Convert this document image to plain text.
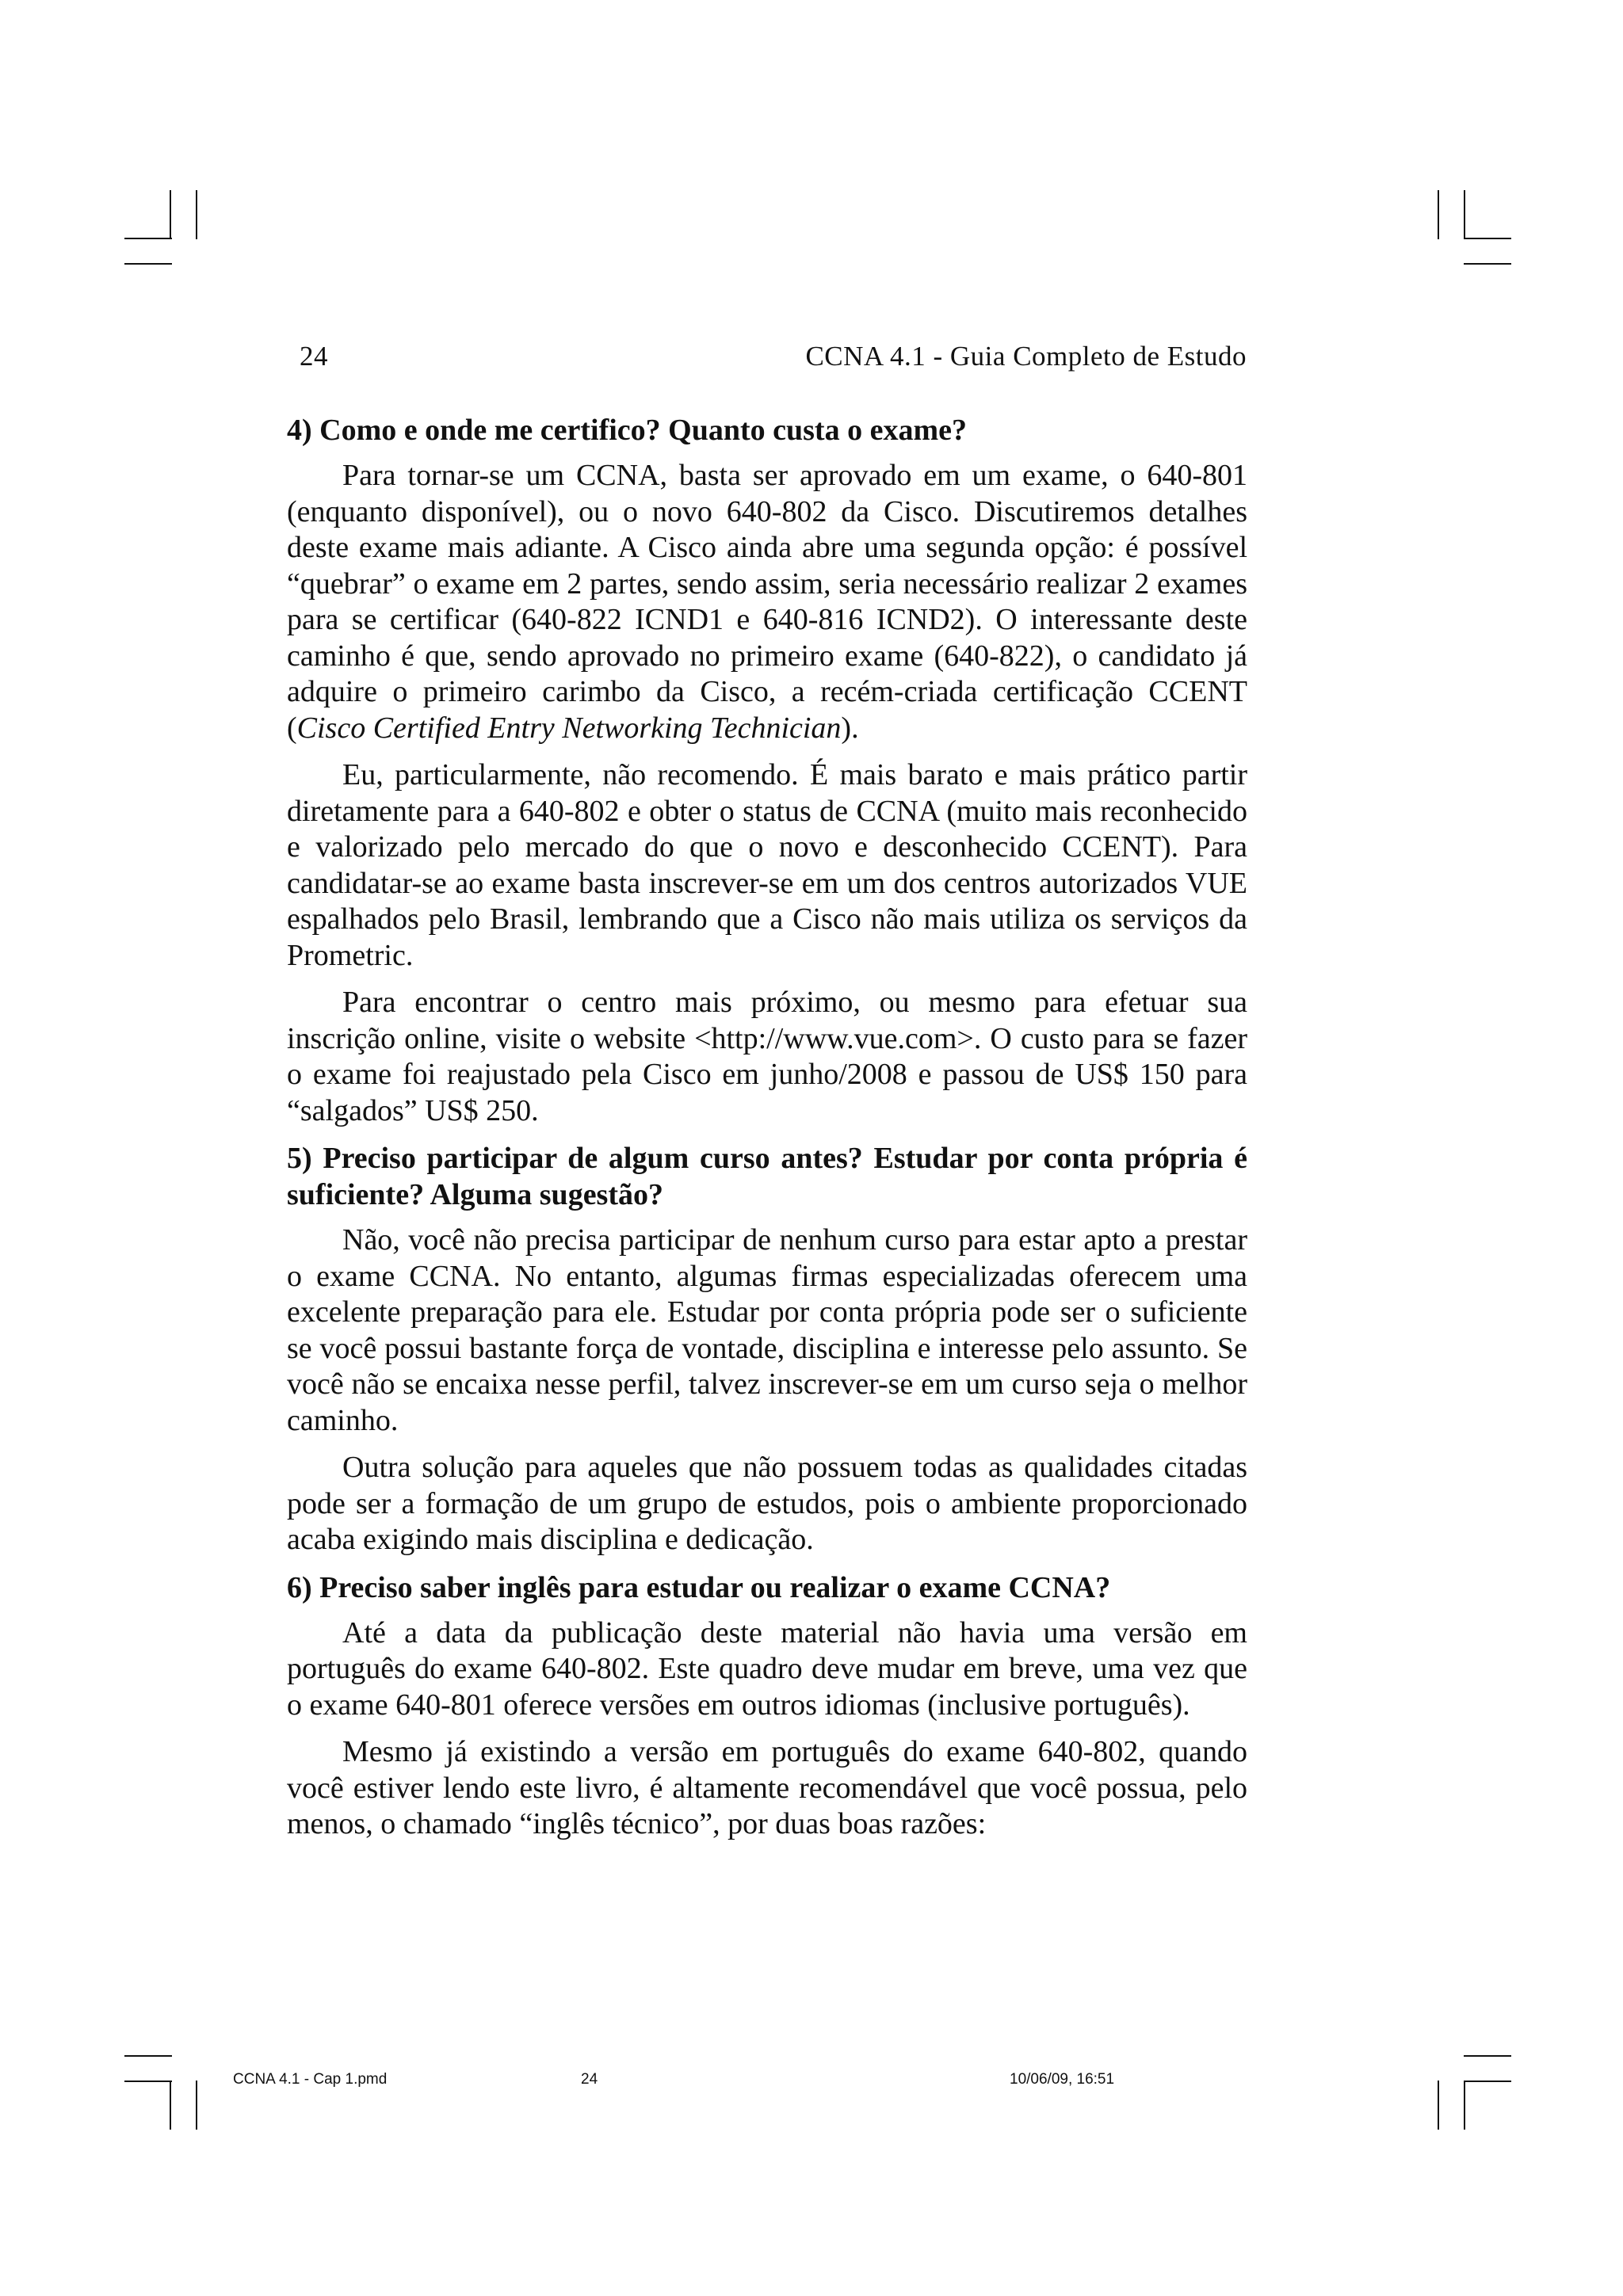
24	CCNA 4.1 - Guia Completo de Estudo
4) Como e onde me certifico? Quanto custa o exame?

Para tornar-se um CCNA, basta ser aprovado em um exame, o 640-801 (enquanto disponível), ou o novo 640-802 da Cisco. Discutiremos detalhes deste exame mais adiante. A Cisco ainda abre uma segunda opção: é possível “quebrar” o exame em 2 partes, sendo assim, seria necessário realizar 2 exames para se certificar (640-822 ICND1 e 640-816 ICND2). O interessante deste caminho é que, sendo aprovado no primeiro exame (640-822), o candidato já adquire o primeiro carimbo da Cisco, a recém-criada certificação CCENT (Cisco Certified Entry Networking Technician).

Eu, particularmente, não recomendo. É mais barato e mais prático partir diretamente para a 640-802 e obter o status de CCNA (muito mais reconhecido e valorizado pelo mercado do que o novo e desconhecido CCENT). Para candidatar-se ao exame basta inscrever-se em um dos centros autorizados VUE espalhados pelo Brasil, lembrando que a Cisco não mais utiliza os serviços da Prometric.

Para encontrar o centro mais próximo, ou mesmo para efetuar sua inscrição online, visite o website <http://www.vue.com>. O custo para se fazer o exame foi reajustado pela Cisco em junho/2008 e passou de US$ 150 para “salgados” US$ 250.

5) Preciso participar de algum curso antes? Estudar por conta própria é suficiente? Alguma sugestão?

Não, você não precisa participar de nenhum curso para estar apto a prestar o exame CCNA. No entanto, algumas firmas especializadas oferecem uma excelente preparação para ele. Estudar por conta própria pode ser o suficiente se você possui bastante força de vontade, disciplina e interesse pelo assunto. Se você não se encaixa nesse perfil, talvez inscrever-se em um curso seja o melhor caminho.

Outra solução para aqueles que não possuem todas as qualidades citadas pode ser a formação de um grupo de estudos, pois o ambiente proporcionado acaba exigindo mais disciplina e dedicação.

6) Preciso saber inglês para estudar ou realizar o exame CCNA?

Até a data da publicação deste material não havia uma versão em português do exame 640-802. Este quadro deve mudar em breve, uma vez que o exame 640-801 oferece versões em outros idiomas (inclusive português).

Mesmo já existindo a versão em português do exame 640-802, quando você estiver lendo este livro, é altamente recomendável que você possua, pelo menos, o chamado “inglês técnico”, por duas boas razões:

CCNA 4.1 - Cap 1.pmd	24	10/06/09, 16:51
